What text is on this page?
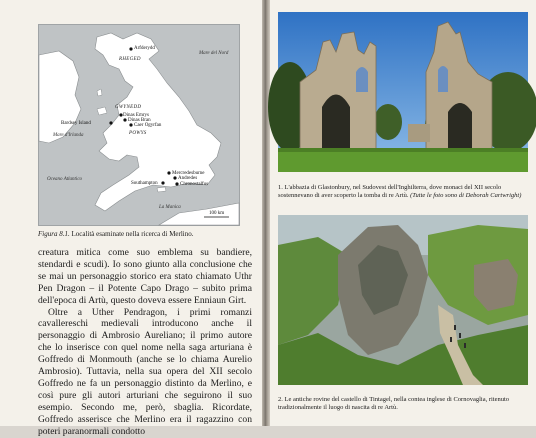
Arfderydd
RHEGED
Mare del Nord
GWYNEDD
Dinas Emrys
Dinas Bran
Caer Ogyrfan
Bardsey Island
POWYS
Mare d'Irlanda
Oceano Atlantico
Mercredesburne
Andredes
Southampton	Chronostalfus
La Manica
100 km
Figura 8.1. Località esaminate nella ricerca di Merlino.

creatura mitica come suo emblema su bandiere, stendardi e scudi). Io sono giunto alla conclusione che se mai un personaggio storico era stato chiamato Uthr Pen Dragon – il Potente Capo Drago – subito prima dell'epoca di Artù, questo doveva essere Enniaun Girt.

Oltre a Uther Pendragon, i primi romanzi cavallereschi medievali introducono anche il personaggio di Ambrosio Aureliano; il primo autore che lo inserisce con quel nome nella saga arturiana è Goffredo di Monmouth (anche se lo chiama Aurelio Ambrosio). Tuttavia, nella sua opera del XII secolo Goffredo ne fa un personaggio distinto da Merlino, e così pure gli autori arturiani che seguirono il suo esempio. Secondo me, però, sbaglia. Ricordate, Goffredo asserisce che Merlino era il ragazzino con poteri paranormali condotto

1. L'abbazia di Glastonbury, nel Sudovest dell'Inghilterra, dove monaci del XII secolo sostennevano di aver scoperto la tomba di re Artù. (Tutte le foto sono di Deborah Cartwright)
2. Le antiche rovine del castello di Tintagel, nella contea inglese di Cornovaglia, ritenuto tradizionalmente il luogo di nascita di re Artù.
